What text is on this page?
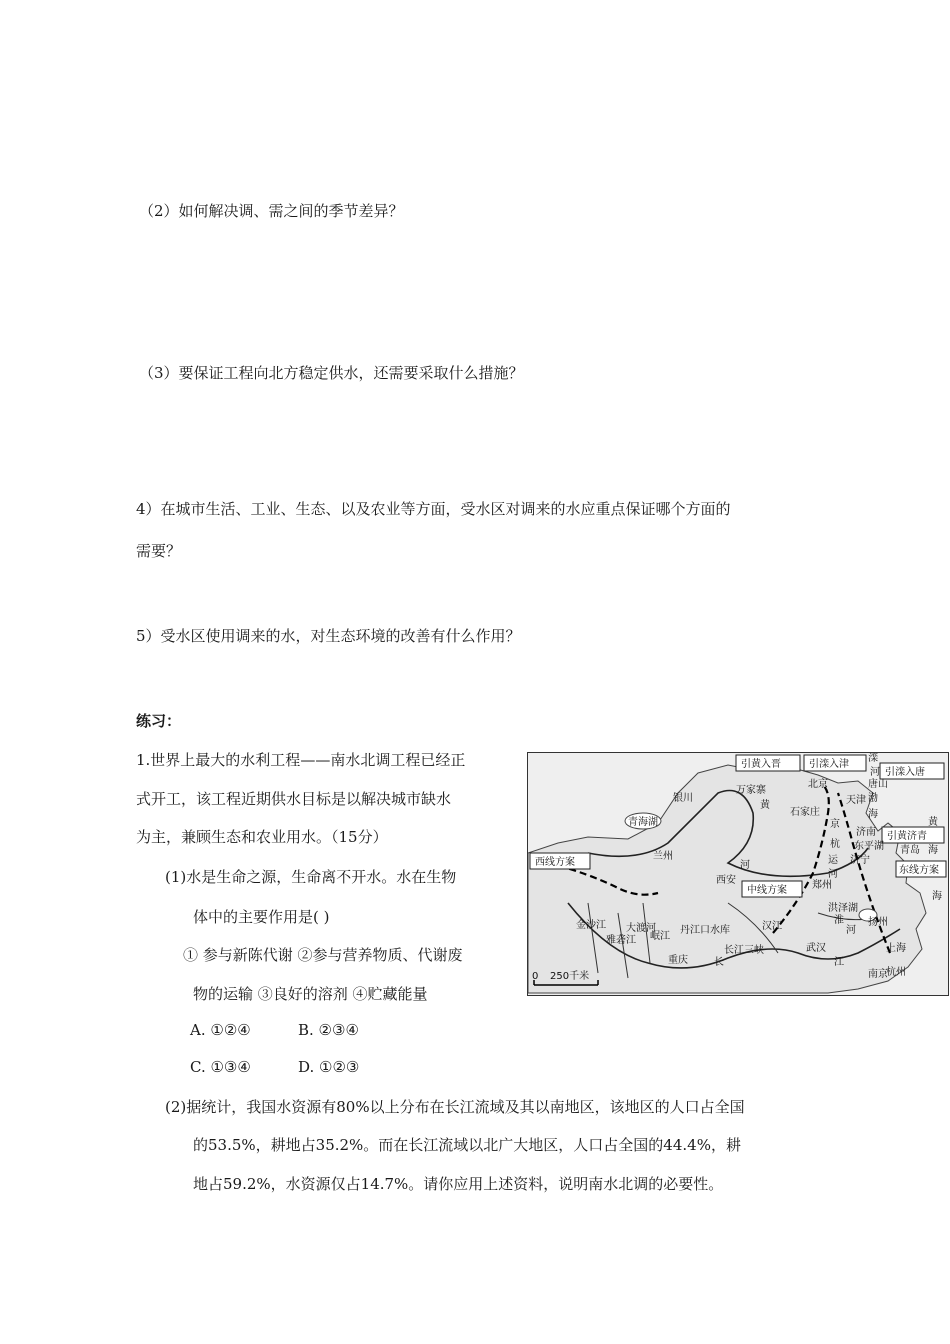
（2）如何解决调、需之间的季节差异？
（3）要保证工程向北方稳定供水，还需要采取什么措施？
4）在城市生活、工业、生态、以及农业等方面，受水区对调来的水应重点保证哪个方面的
需要？
5）受水区使用调来的水，对生态环境的改善有什么作用？
练习：
1.世界上最大的水利工程——南水北调工程已经正
式开工，该工程近期供水目标是以解决城市缺水
为主，兼顾生态和农业用水。（15分）
(1)水是生命之源，生命离不开水。水在生物
体中的主要作用是( )
① 参与新陈代谢 ②参与营养物质、代谢废
物的运输 ③良好的溶剂 ④贮藏能量
A. ①②④	B. ②③④
C. ①③④	D. ①②③
(2)据统计，我国水资源有80%以上分布在长江流域及其以南地区，该地区的人口占全国
的53.5%，耕地占35.2%。而在长江流域以北广大地区，人口占全国的44.4%，耕
地占59.2%，水资源仅占14.7%。请你应用上述资料，说明南水北调的必要性。
引黄入晋	引滦入津
引滦入唐
引黄济青
西线方案
中线方案
东线方案
青海湖
银川
万家寨
北京
天津
唐山
石家庄
兰州
西安	郑州
济南
东平湖
济宁
青岛
洪泽湖
扬州
上海
杭州
武汉
重庆
丹江口水库
长江三峡
南京
滦
河
渤
海
黄
海
海
黄
河
京
杭
运
河
金沙江
雅砻江
大渡河
岷江
汉江
长	江
淮
河
0 250千米
